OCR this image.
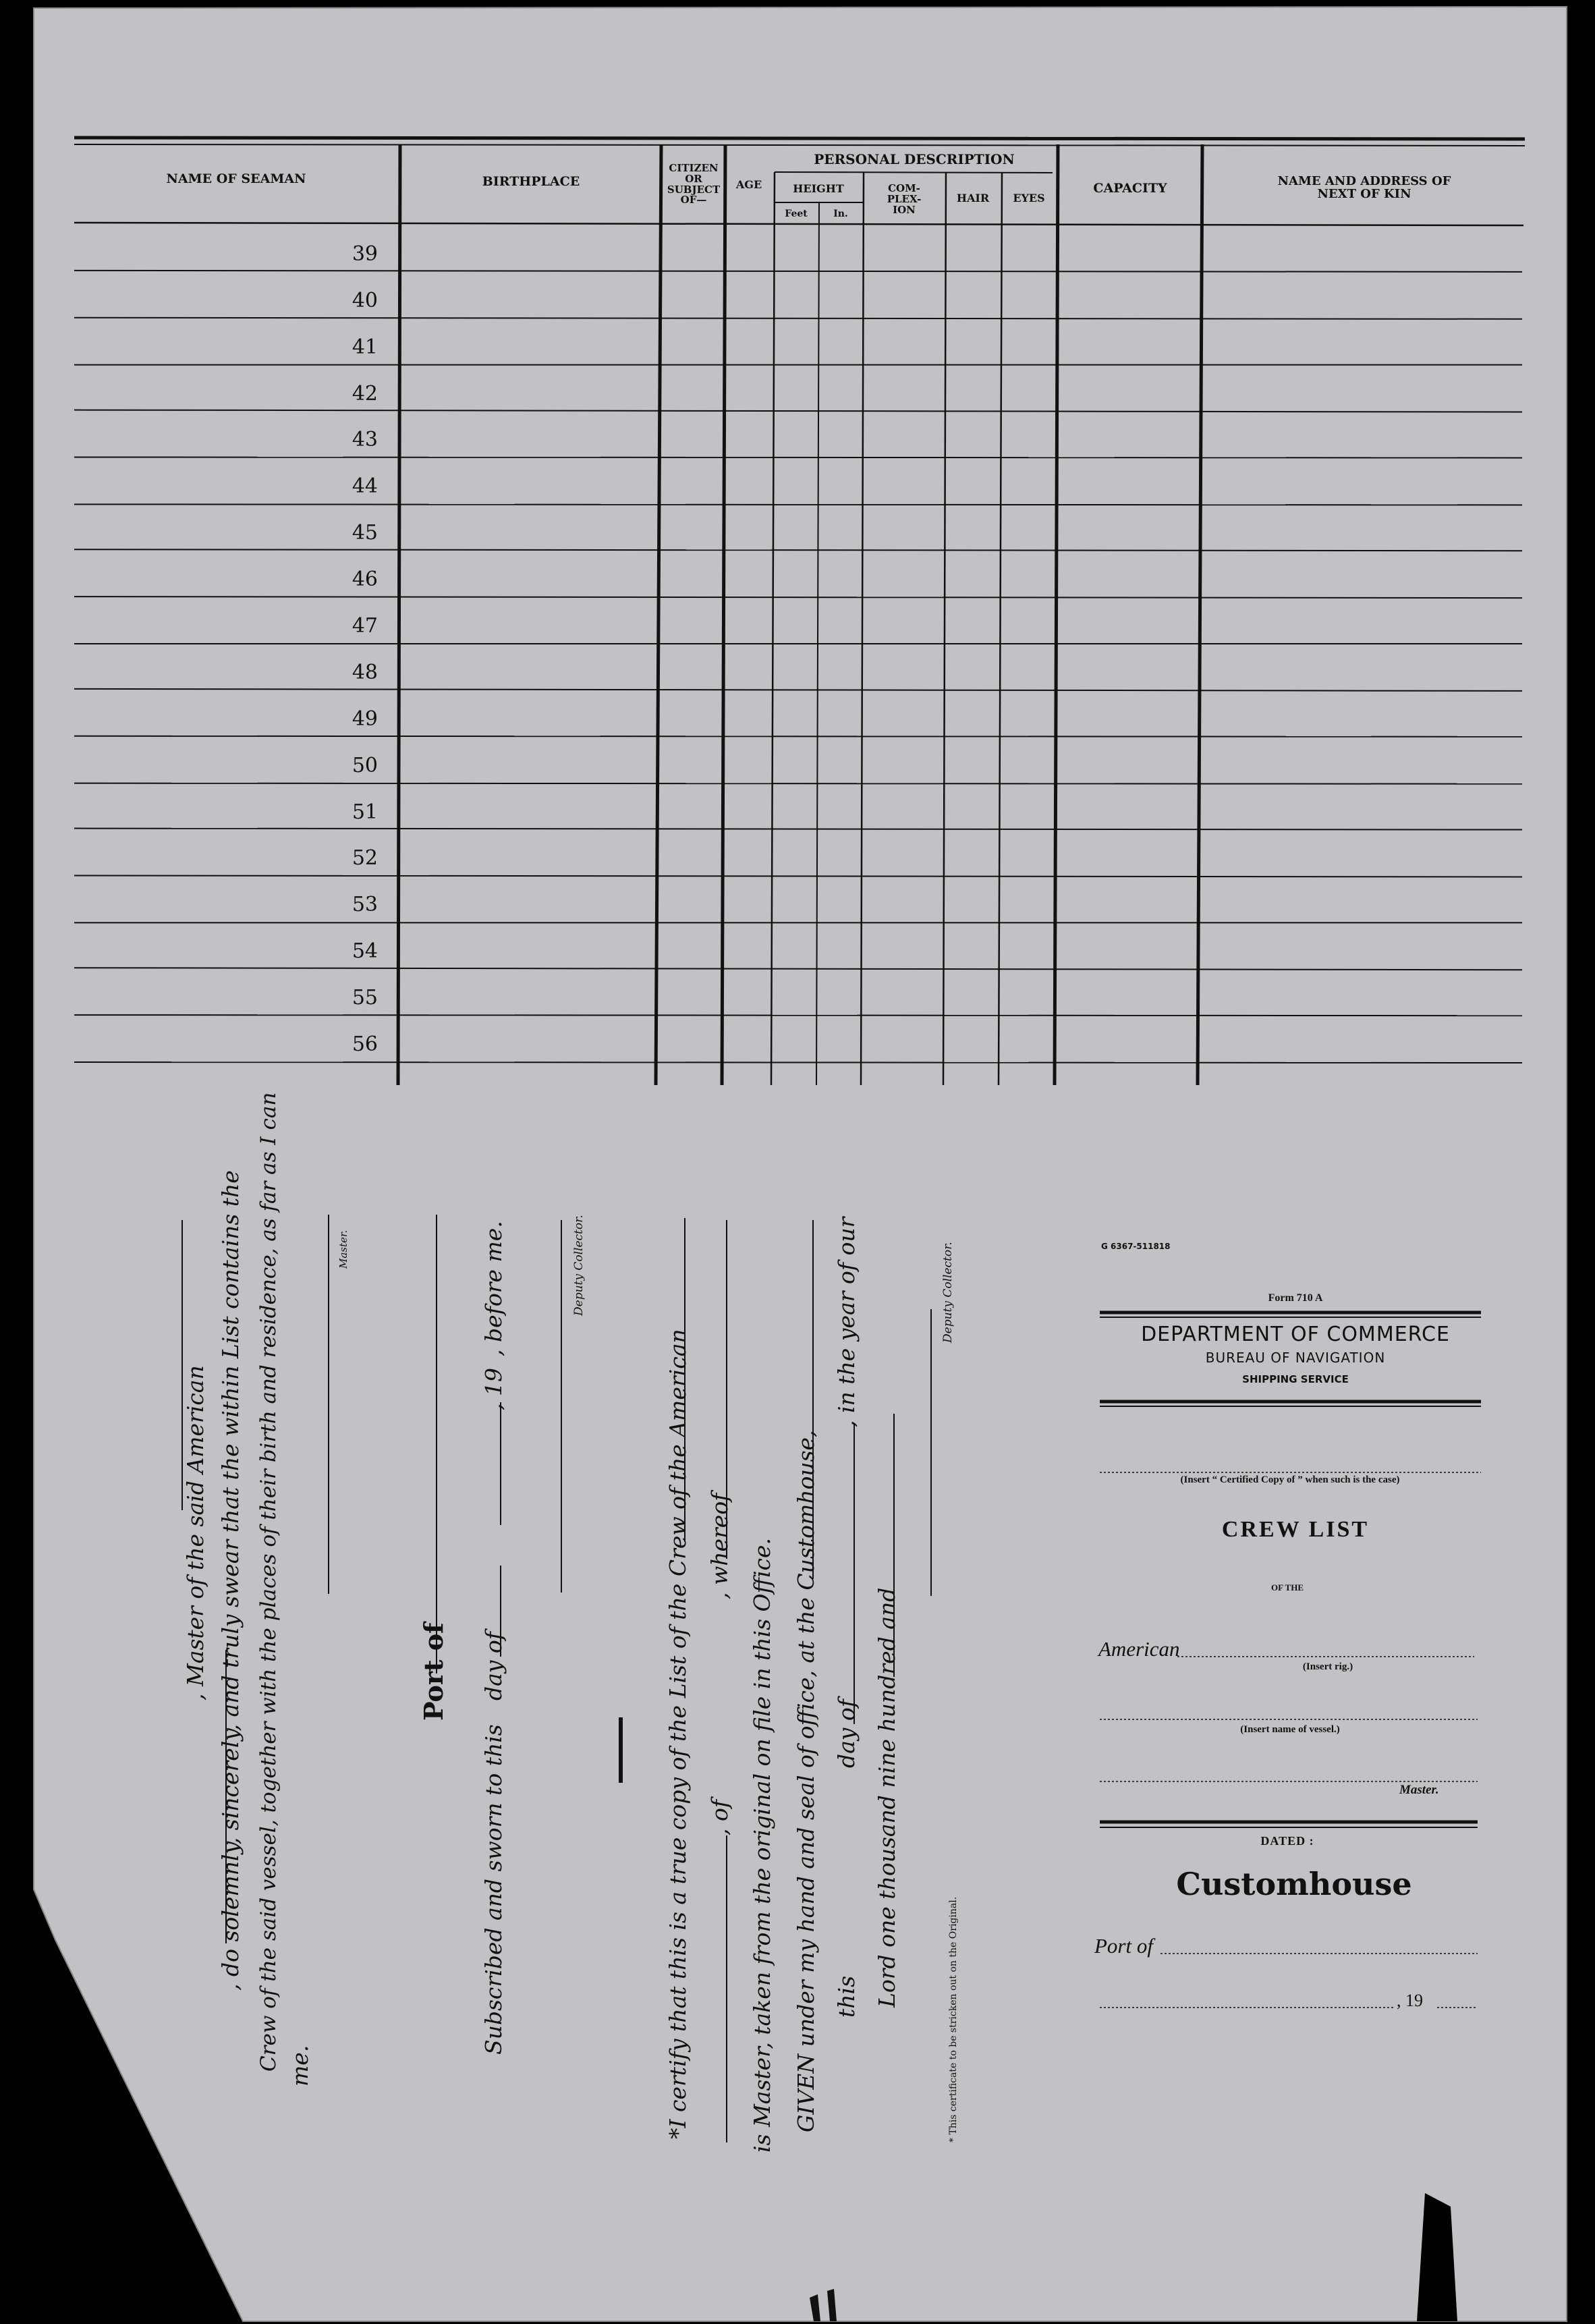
NAME OF SEAMAN	BIRTHPLACE
CITIZEN
OR
SUBJECT
OF—
AGE
PERSONAL DESCRIPTION
HEIGHT
Feet	In.
COM-
PLEX-
ION
HAIR EYES
CAPACITY	NAME AND ADDRESS OF
NEXT OF KIN
39
40
41
42
43
44
45
46
47
48
49
50
51
52
53
54
55
56
, Master of the said American , do solemnly, sincerely, and truly swear that the within List contains the Crew of the said vessel, together with the places of their birth and residence, as far as I can me.
Master.
Port of
Subscribed and sworn to this
day of
, 19
, before me.	Deputy Collector.
*I certify that this is a true copy of the List of the Crew of the American , of
, whereof is Master, taken from the original on file in this Office. GIVEN under my hand and seal of office, at the Customhouse, this
day of
, in the year of our
Lord one thousand nine hundred and
Deputy Collector.
* This certificate to be stricken out on the Original.
G 6367-511818
Form 710 A
DEPARTMENT OF COMMERCE
BUREAU OF NAVIGATION
SHIPPING SERVICE
(Insert “ Certified Copy of ” when such is the case)
CREW LIST
OF THE
American
(Insert rig.)
(Insert name of vessel.)
Master.
DATED :
Customhouse
Port of
, 19
